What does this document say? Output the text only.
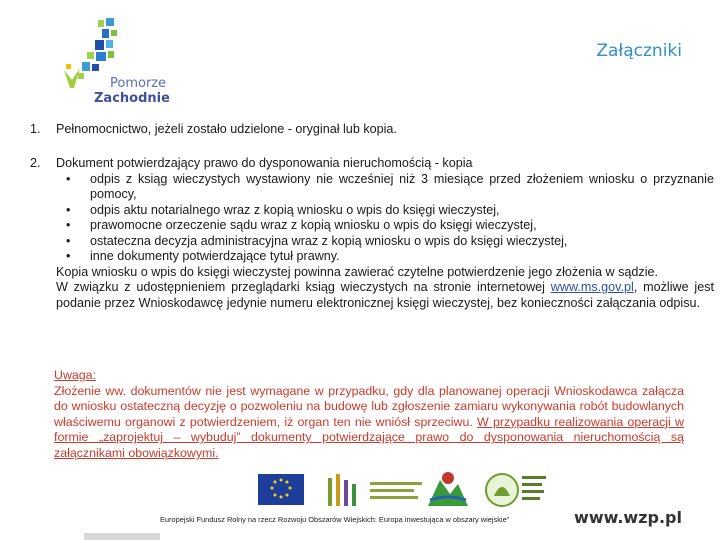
Pomorze
Zachodnie
Załączniki
1. Pełnomocnictwo, jeżeli zostało udzielone - oryginał lub kopia.
2. Dokument potwierdzający prawo do dysponowania nieruchomością - kopia
• odpis z ksiąg wieczystych wystawiony nie wcześniej niż 3 miesiące przed złożeniem wniosku o przyznanie pomocy,
• odpis aktu notarialnego wraz z kopią wniosku o wpis do księgi wieczystej,
• prawomocne orzeczenie sądu wraz z kopią wniosku o wpis do księgi wieczystej,
• ostateczna decyzja administracyjna wraz z kopią wniosku o wpis do księgi wieczystej,
• inne dokumenty potwierdzające tytuł prawny.

Kopia wniosku o wpis do księgi wieczystej powinna zawierać czytelne potwierdzenie jego złożenia w sądzie.

W związku z udostępnieniem przeglądarki ksiąg wieczystych na stronie internetowej www.ms.gov.pl, możliwe jest podanie przez Wnioskodawcę jedynie numeru elektronicznej księgi wieczystej, bez konieczności załączania odpisu.

Uwaga:
Złożenie ww. dokumentów nie jest wymagane w przypadku, gdy dla planowanej operacji Wnioskodawca załącza do wniosku ostateczną decyzję o pozwoleniu na budowę lub zgłoszenie zamiaru wykonywania robót budowlanych właściwemu organowi z potwierdzeniem, iż organ ten nie wniósł sprzeciwu. W przypadku realizowania operacji w formie „zaprojektuj – wybuduj” dokumenty potwierdzające prawo do dysponowania nieruchomością są załącznikami obowiązkowymi.
Europejski Fundusz Rolny na rzecz Rozwoju Obszarów Wiejskich: Europa inwestująca w obszary wiejskie”	www.wzp.pl
